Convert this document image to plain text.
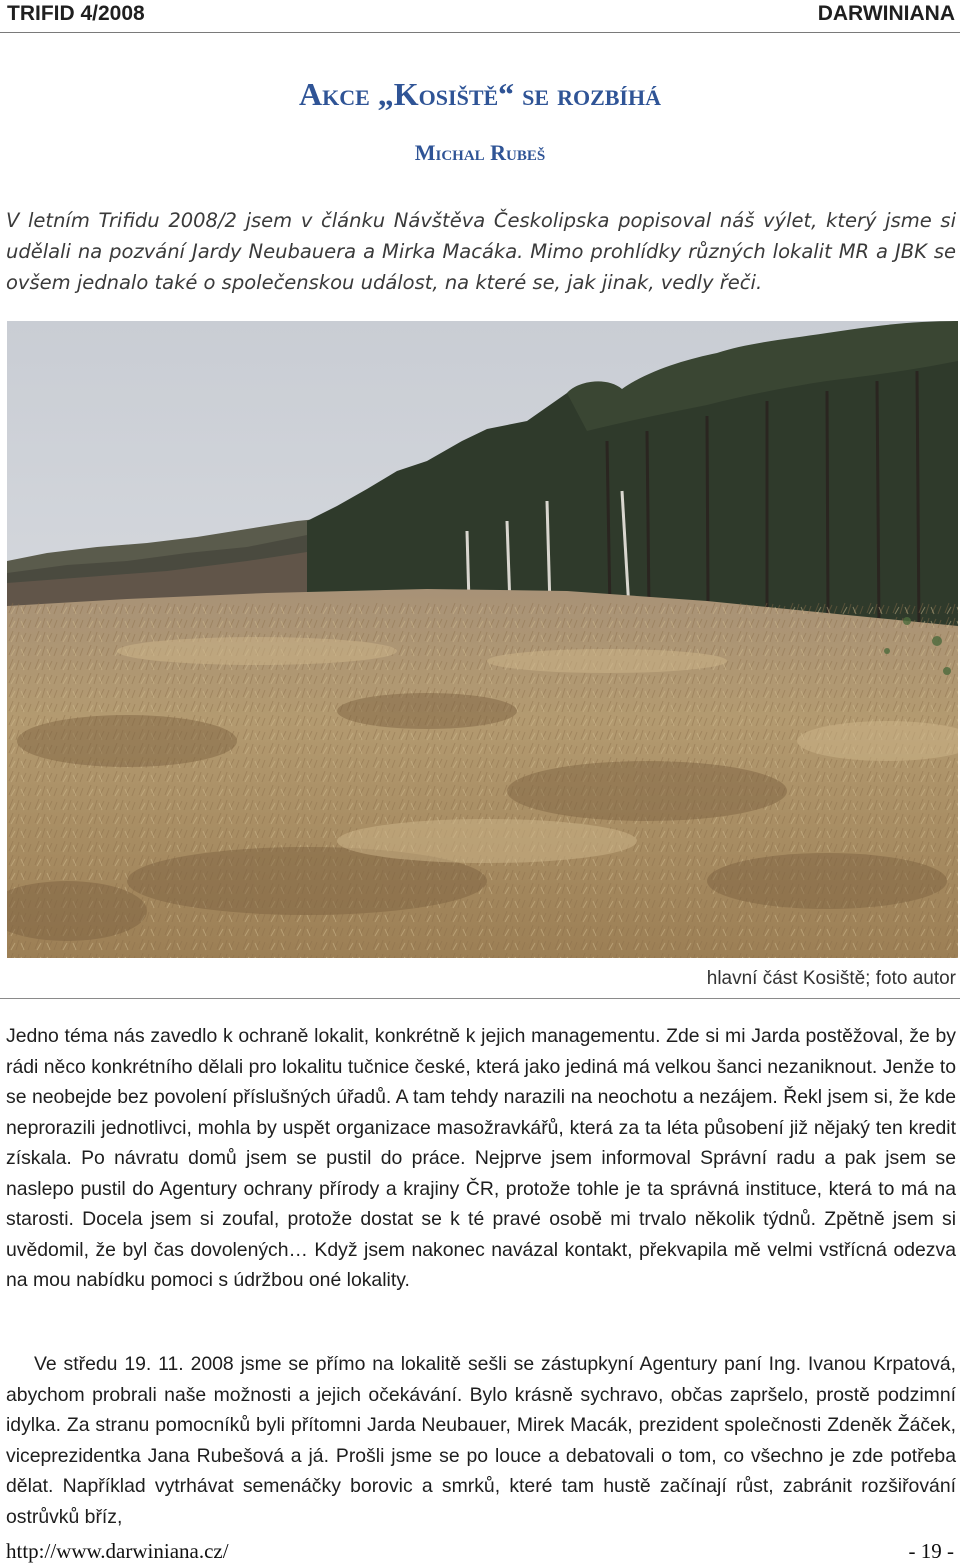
TRIFID 4/2008	DARWINIANA
Akce „Kosiště“ se rozbíhá
Michal Rubeš
V letním Trifidu 2008/2 jsem v článku Návštěva Českolipska popisoval náš výlet, který jsme si udělali na pozvání Jardy Neubauera a Mirka Macáka. Mimo prohlídky různých lokalit MR a JBK se ovšem jednalo také o společenskou událost, na které se, jak jinak, vedly řeči.
hlavní část Kosiště; foto autor
Jedno téma nás zavedlo k ochraně lokalit, konkrétně k jejich managementu. Zde si mi Jarda postěžoval, že by rádi něco konkrétního dělali pro lokalitu tučnice české, která jako jediná má velkou šanci nezaniknout. Jenže to se neobejde bez povolení příslušných úřadů. A tam tehdy narazili na neochotu a nezájem. Řekl jsem si, že kde neprorazili jednotlivci, mohla by uspět organizace masožravkářů, která za ta léta působení již nějaký ten kredit získala. Po návratu domů jsem se pustil do práce. Nejprve jsem informoval Správní radu a pak jsem se naslepo pustil do Agentury ochrany přírody a krajiny ČR, protože tohle je ta správná instituce, která to má na starosti. Docela jsem si zoufal, protože dostat se k té pravé osobě mi trvalo několik týdnů. Zpětně jsem si uvědomil, že byl čas dovolených… Když jsem nakonec navázal kontakt, překvapila mě velmi vstřícná odezva na mou nabídku pomoci s údržbou oné lokality.
Ve středu 19. 11. 2008 jsme se přímo na lokalitě sešli se zástupkyní Agentury paní Ing. Ivanou Krpatová, abychom probrali naše možnosti a jejich očekávání. Bylo krásně sychravo, občas zapršelo, prostě podzimní idylka. Za stranu pomocníků byli přítomni Jarda Neubauer, Mirek Macák, prezident společnosti Zdeněk Žáček, viceprezidentka Jana Rubešová a já. Prošli jsme se po louce a debatovali o tom, co všechno je zde potřeba dělat. Například vytrhávat semenáčky borovic a smrků, které tam hustě začínají růst, zabránit rozšiřování ostrůvků bříz,
http://www.darwiniana.cz/	- 19 -
